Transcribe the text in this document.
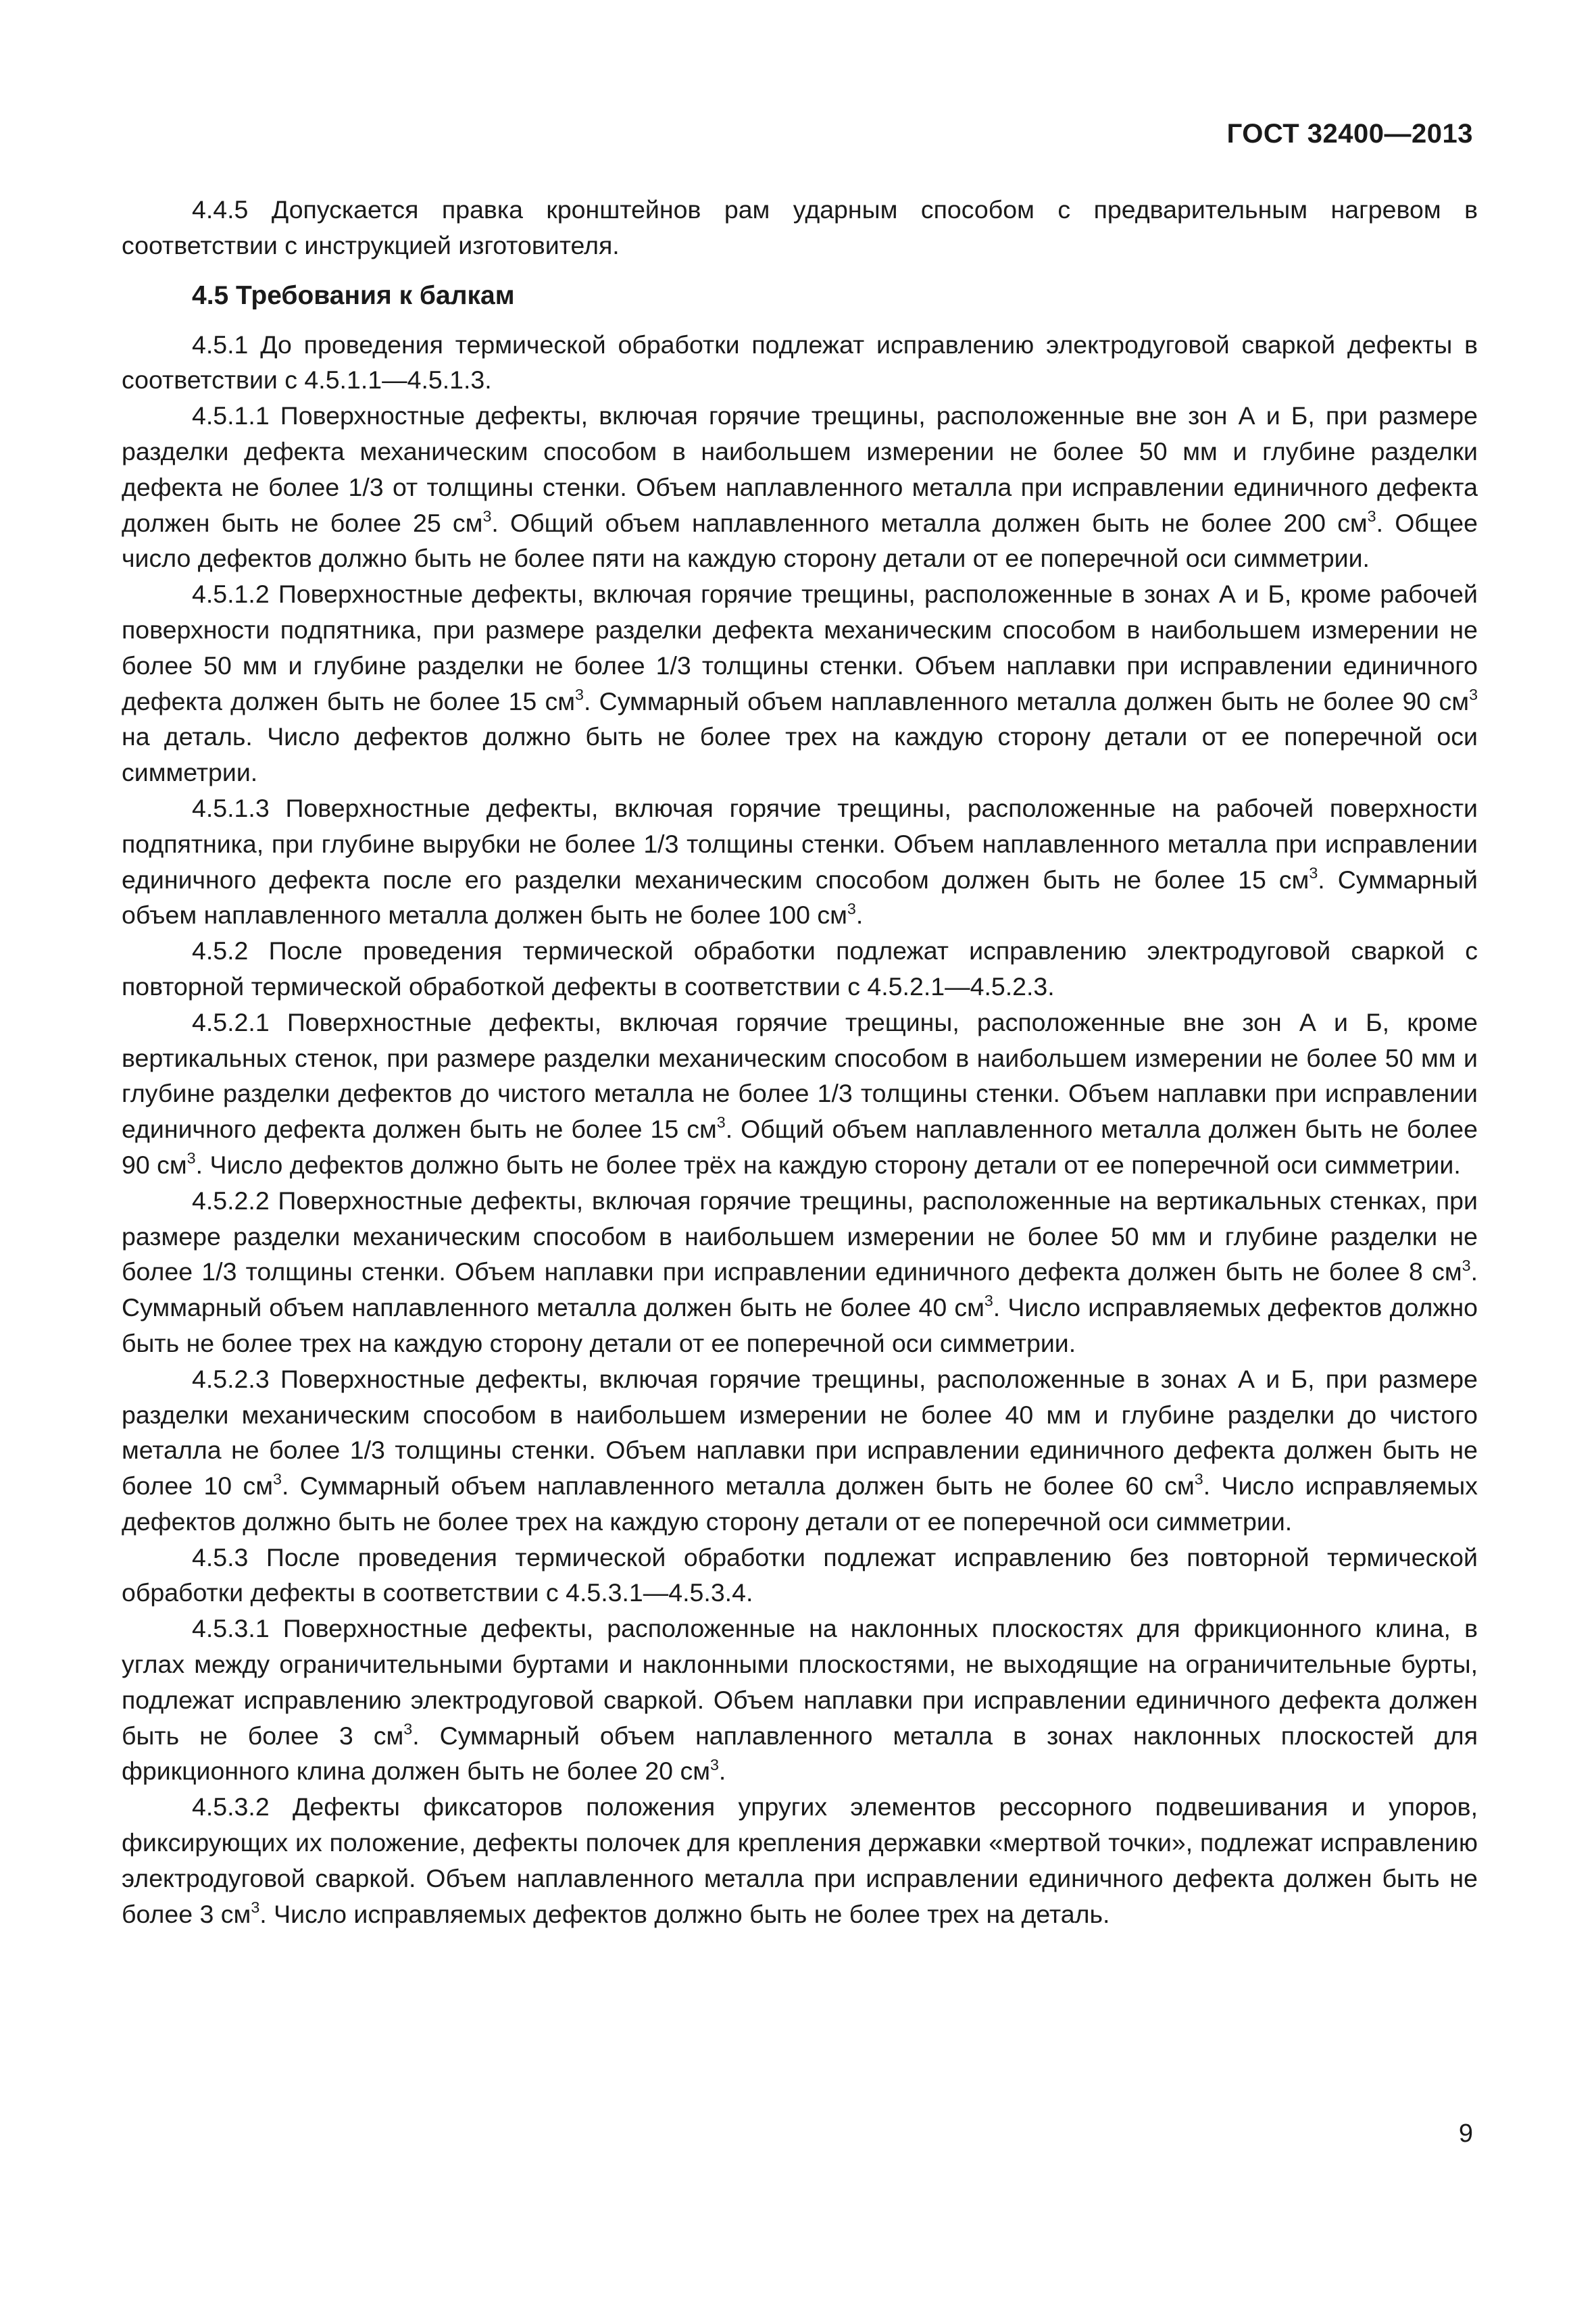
ГОСТ 32400—2013

4.4.5 Допускается правка кронштейнов рам ударным способом с предварительным нагревом в соответствии с инструкцией изготовителя.

4.5 Требования к балкам

4.5.1 До проведения термической обработки подлежат исправлению электродуговой сваркой дефекты в соответствии с 4.5.1.1—4.5.1.3.

4.5.1.1 Поверхностные дефекты, включая горячие трещины, расположенные вне зон А и Б, при размере разделки дефекта механическим способом в наибольшем измерении не более 50 мм и глубине разделки дефекта не более 1/3 от толщины стенки. Объем наплавленного металла при исправлении единичного дефекта должен быть не более 25 $см^3$. Общий объем наплавленного металла должен быть не более 200 $см^3$. Общее число дефектов должно быть не более пяти на каждую сторону детали от ее поперечной оси симметрии.

4.5.1.2 Поверхностные дефекты, включая горячие трещины, расположенные в зонах А и Б, кроме рабочей поверхности подпятника, при размере разделки дефекта механическим способом в наибольшем измерении не более 50 мм и глубине разделки не более 1/3 толщины стенки. Объем наплавки при исправлении единичного дефекта должен быть не более 15 $см^3$. Суммарный объем наплавленного металла должен быть не более 90 $см^3$ на деталь. Число дефектов должно быть не более трех на каждую сторону детали от ее поперечной оси симметрии.

4.5.1.3 Поверхностные дефекты, включая горячие трещины, расположенные на рабочей поверхности подпятника, при глубине вырубки не более 1/3 толщины стенки. Объем наплавленного металла при исправлении единичного дефекта после его разделки механическим способом должен быть не более 15 $см^3$. Суммарный объем наплавленного металла должен быть не более 100 $см^3$.

4.5.2 После проведения термической обработки подлежат исправлению электродуговой сваркой с повторной термической обработкой дефекты в соответствии с 4.5.2.1—4.5.2.3.

4.5.2.1 Поверхностные дефекты, включая горячие трещины, расположенные вне зон А и Б, кроме вертикальных стенок, при размере разделки механическим способом в наибольшем измерении не более 50 мм и глубине разделки дефектов до чистого металла не более 1/3 толщины стенки. Объем наплавки при исправлении единичного дефекта должен быть не более 15 $см^3$. Общий объем наплавленного металла должен быть не более 90 $см^3$. Число дефектов должно быть не более трёх на каждую сторону детали от ее поперечной оси симметрии.

4.5.2.2 Поверхностные дефекты, включая горячие трещины, расположенные на вертикальных стенках, при размере разделки механическим способом в наибольшем измерении не более 50 мм и глубине разделки не более 1/3 толщины стенки. Объем наплавки при исправлении единичного дефекта должен быть не более 8 $см^3$. Суммарный объем наплавленного металла должен быть не более 40 $см^3$. Число исправляемых дефектов должно быть не более трех на каждую сторону детали от ее поперечной оси симметрии.

4.5.2.3 Поверхностные дефекты, включая горячие трещины, расположенные в зонах А и Б, при размере разделки механическим способом в наибольшем измерении не более 40 мм и глубине разделки до чистого металла не более 1/3 толщины стенки. Объем наплавки при исправлении единичного дефекта должен быть не более 10 $см^3$. Суммарный объем наплавленного металла должен быть не более 60 $см^3$. Число исправляемых дефектов должно быть не более трех на каждую сторону детали от ее поперечной оси симметрии.

4.5.3 После проведения термической обработки подлежат исправлению без повторной термической обработки дефекты в соответствии с 4.5.3.1—4.5.3.4.

4.5.3.1 Поверхностные дефекты, расположенные на наклонных плоскостях для фрикционного клина, в углах между ограничительными буртами и наклонными плоскостями, не выходящие на ограничительные бурты, подлежат исправлению электродуговой сваркой. Объем наплавки при исправлении единичного дефекта должен быть не более 3 $см^3$. Суммарный объем наплавленного металла в зонах наклонных плоскостей для фрикционного клина должен быть не более 20 $см^3$.

4.5.3.2 Дефекты фиксаторов положения упругих элементов рессорного подвешивания и упоров, фиксирующих их положение, дефекты полочек для крепления державки «мертвой точки», подлежат исправлению электродуговой сваркой. Объем наплавленного металла при исправлении единичного дефекта должен быть не более 3 $см^3$. Число исправляемых дефектов должно быть не более трех на деталь.

9
